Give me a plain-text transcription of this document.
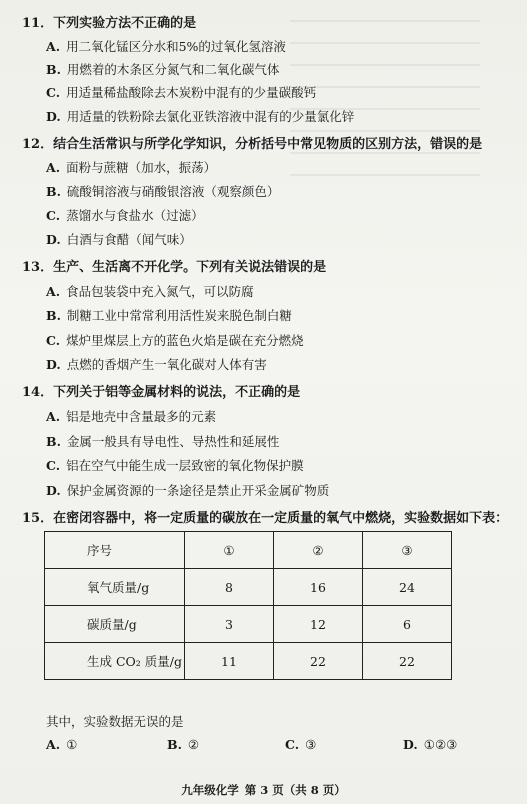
11．下列实验方法不正确的是
A. 用二氧化锰区分水和5%的过氧化氢溶液
B. 用燃着的木条区分氮气和二氧化碳气体
C. 用适量稀盐酸除去木炭粉中混有的少量碳酸钙
D. 用适量的铁粉除去氯化亚铁溶液中混有的少量氯化锌
12．结合生活常识与所学化学知识，分析括号中常见物质的区别方法，错误的是
A. 面粉与蔗糖（加水，振荡）
B. 硫酸铜溶液与硝酸银溶液（观察颜色）
C. 蒸馏水与食盐水（过滤）
D. 白酒与食醋（闻气味）
13．生产、生活离不开化学。下列有关说法错误的是
A. 食品包装袋中充入氮气，可以防腐
B. 制糖工业中常常利用活性炭来脱色制白糖
C. 煤炉里煤层上方的蓝色火焰是碳在充分燃烧
D. 点燃的香烟产生一氧化碳对人体有害
14．下列关于铝等金属材料的说法，不正确的是
A. 铝是地壳中含量最多的元素
B. 金属一般具有导电性、导热性和延展性
C. 铝在空气中能生成一层致密的氧化物保护膜
D. 保护金属资源的一条途径是禁止开采金属矿物质
15．在密闭容器中，将一定质量的碳放在一定质量的氧气中燃烧，实验数据如下表：
序号	①	②	③
氧气质量/g	8	16	24
碳质量/g	3	12	6
生成 CO₂ 质量/g	11	22	22
其中，实验数据无误的是
A. ①	B. ②	C. ③	D. ①②③
九年级化学 第 3 页（共 8 页）
